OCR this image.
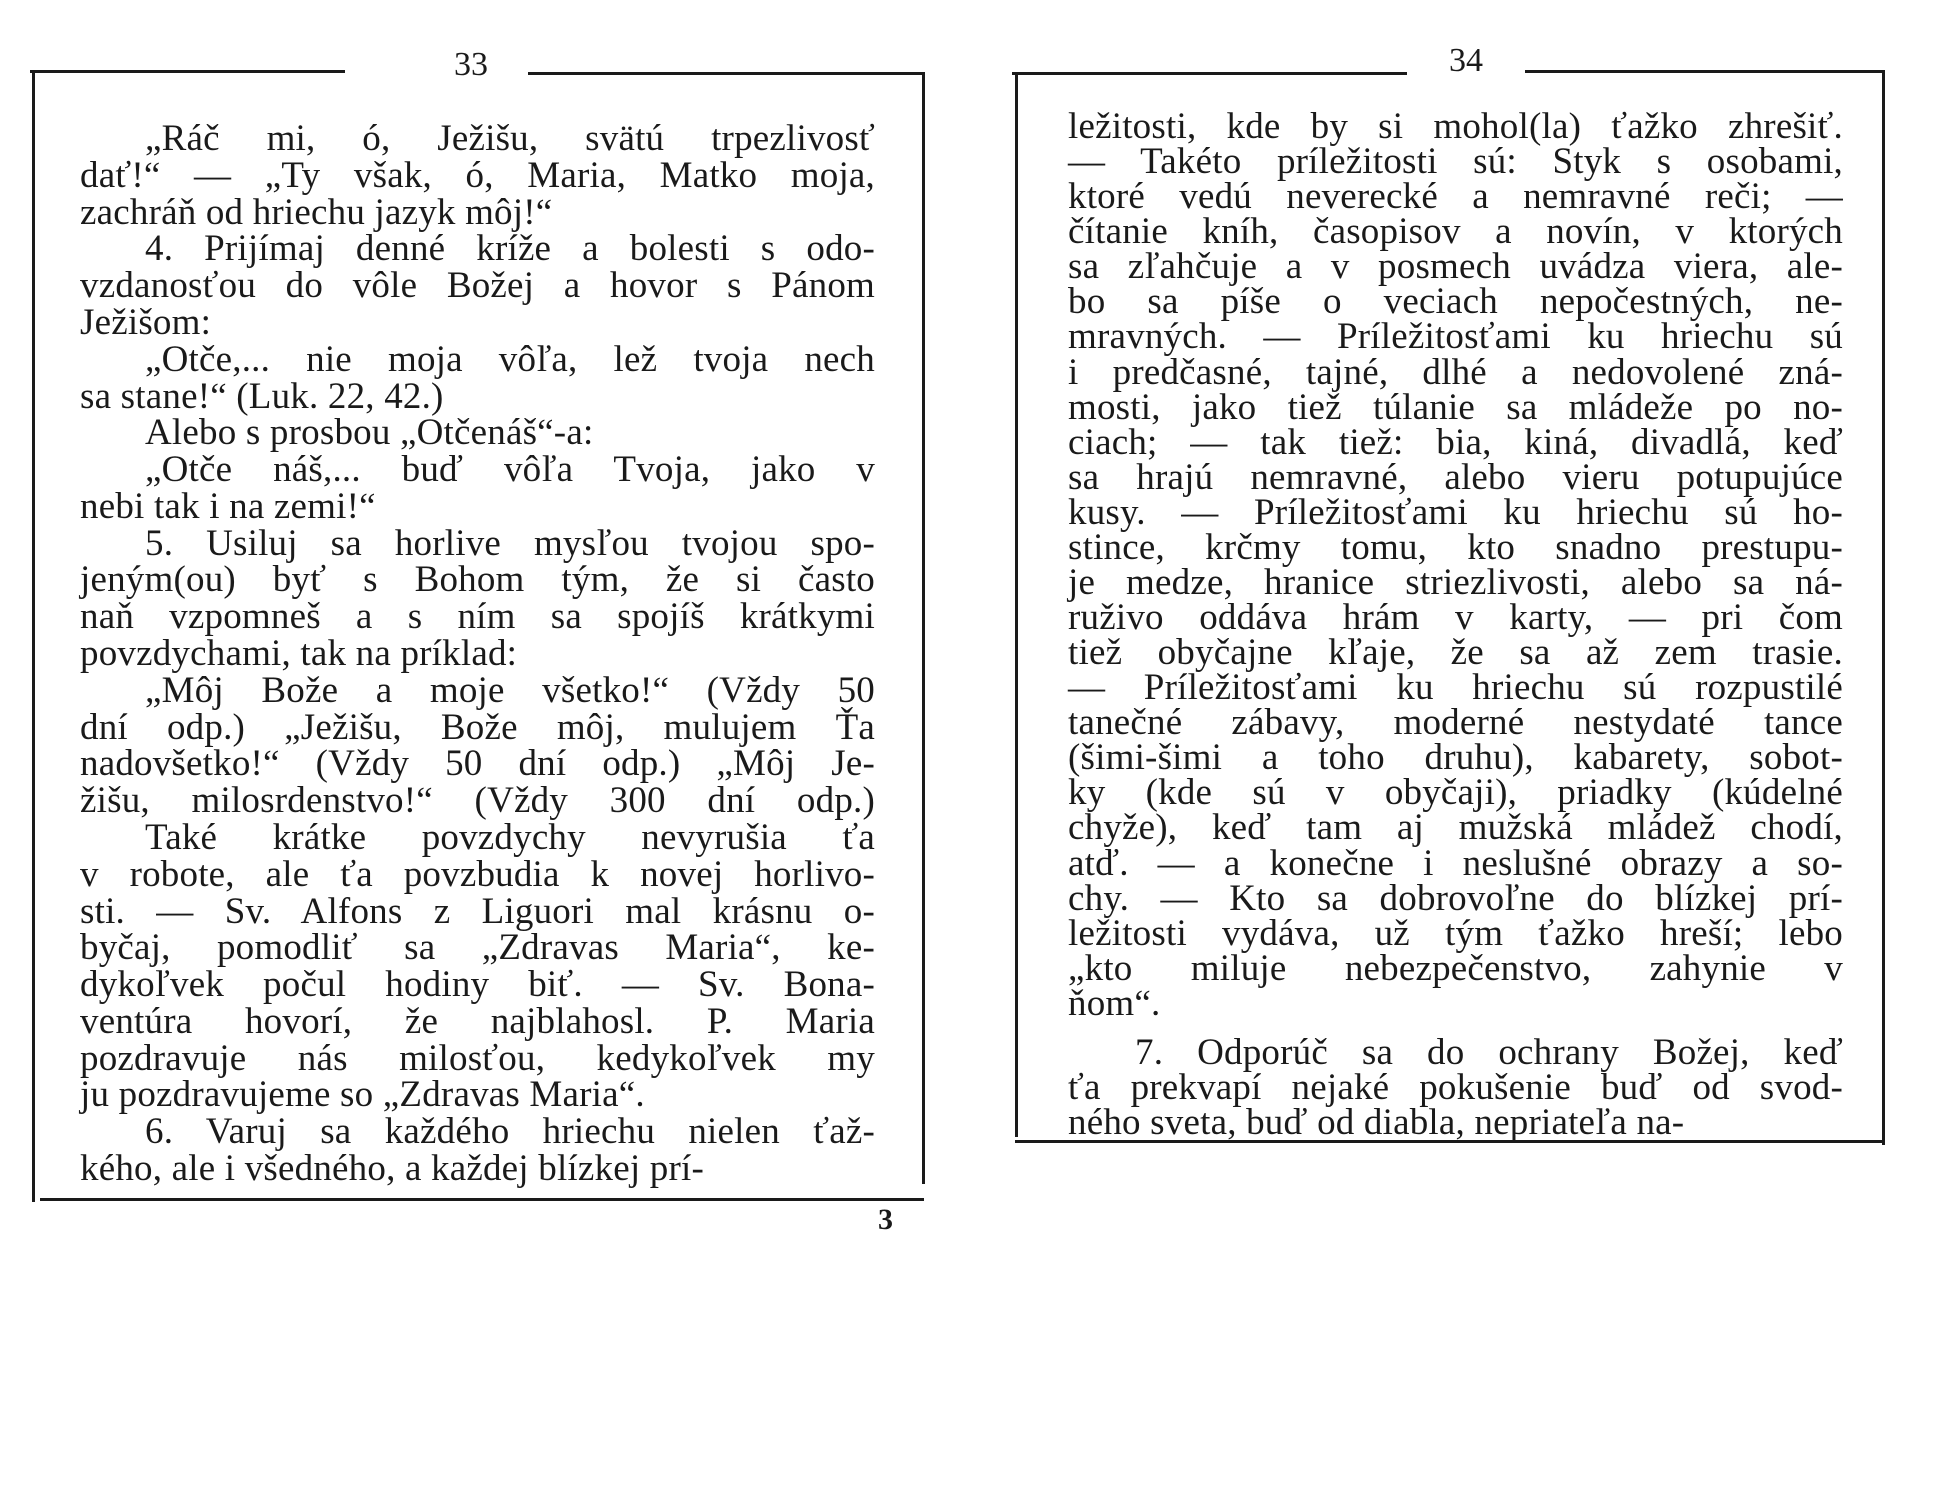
33
3
„Ráč mi, ó, Ježišu, svätú trpezlivosť
dať!“ — „Ty však, ó, Maria, Matko moja,
zachráň od hriechu jazyk môj!“
4. Prijímaj denné kríže a bolesti s odo-
vzdanosťou do vôle Božej a hovor s Pánom
Ježišom:
„Otče,... nie moja vôľa, lež tvoja nech
sa stane!“ (Luk. 22, 42.)
Alebo s prosbou „Otčenáš“-a:
„Otče náš,... buď vôľa Tvoja, jako v
nebi tak i na zemi!“
5. Usiluj sa horlive mysľou tvojou spo-
jeným(ou) byť s Bohom tým, že si často
naň vzpomneš a s ním sa spojíš krátkymi
povzdychami, tak na príklad:
„Môj Bože a moje všetko!“ (Vždy 50
dní odp.) „Ježišu, Bože môj, mulujem Ťa
nadovšetko!“ (Vždy 50 dní odp.) „Môj Je-
žišu, milosrdenstvo!“ (Vždy 300 dní odp.)
Také krátke povzdychy nevyrušia ťa
v robote, ale ťa povzbudia k novej horlivo-
sti. — Sv. Alfons z Liguori mal krásnu o-
byčaj, pomodliť sa „Zdravas Maria“, ke-
dykoľvek počul hodiny biť. — Sv. Bona-
ventúra hovorí, že najblahosl. P. Maria
pozdravuje nás milosťou, kedykoľvek my
ju pozdravujeme so „Zdravas Maria“.
6. Varuj sa každého hriechu nielen ťaž-
kého, ale i všedného, a každej blízkej prí-
34
ležitosti, kde by si mohol(la) ťažko zhrešiť.
— Takéto príležitosti sú: Styk s osobami,
ktoré vedú neverecké a nemravné reči; —
čítanie kníh, časopisov a novín, v ktorých
sa zľahčuje a v posmech uvádza viera, ale-
bo sa píše o veciach nepočestných, ne-
mravných. — Príležitosťami ku hriechu sú
i predčasné, tajné, dlhé a nedovolené zná-
mosti, jako tiež túlanie sa mládeže po no-
ciach; — tak tiež: bia, kiná, divadlá, keď
sa hrajú nemravné, alebo vieru potupujúce
kusy. — Príležitosťami ku hriechu sú ho-
stince, krčmy tomu, kto snadno prestupu-
je medze, hranice striezlivosti, alebo sa ná-
ruživo oddáva hrám v karty, — pri čom
tiež obyčajne kľaje, že sa až zem trasie.
— Príležitosťami ku hriechu sú rozpustilé
tanečné zábavy, moderné nestydaté tance
(šimi-šimi a toho druhu), kabarety, sobot-
ky (kde sú v obyčaji), priadky (kúdelné
chyže), keď tam aj mužská mládež chodí,
atď. — a konečne i neslušné obrazy a so-
chy. — Kto sa dobrovoľne do blízkej prí-
ležitosti vydáva, už tým ťažko hreší; lebo
„kto miluje nebezpečenstvo, zahynie v
ňom“.
7. Odporúč sa do ochrany Božej, keď
ťa prekvapí nejaké pokušenie buď od svod-
ného sveta, buď od diabla, nepriateľa na-
